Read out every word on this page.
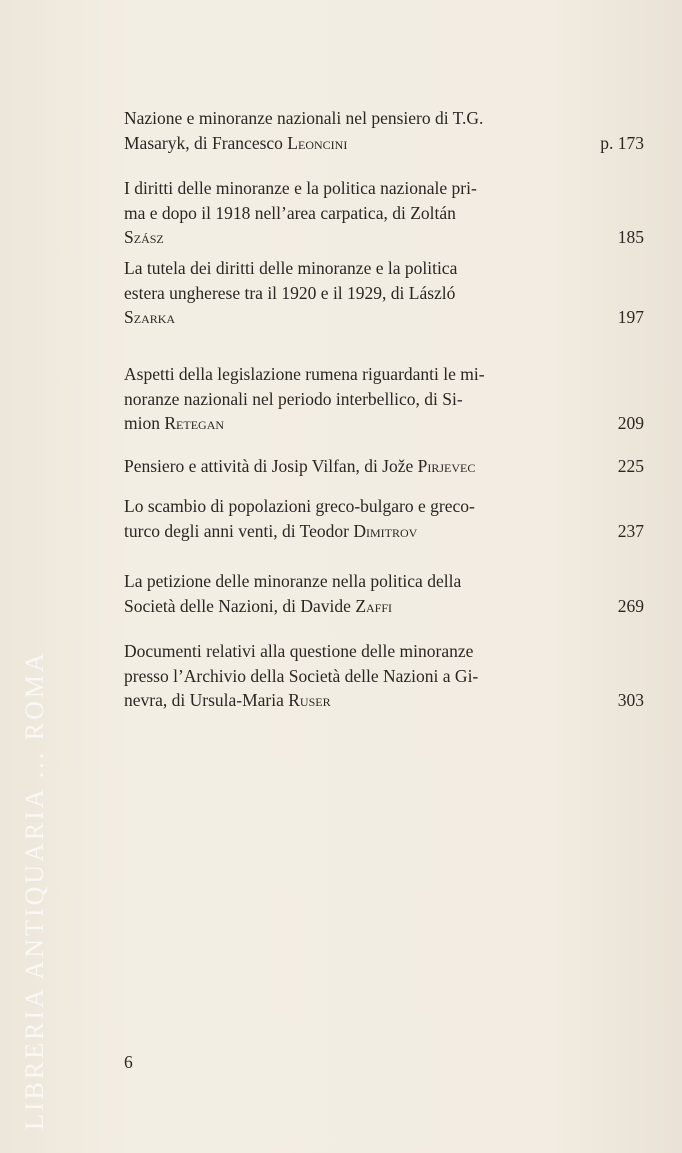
LIBRERIA ANTIQUARIA ... ROMA
Nazione e minoranze nazionali nel pensiero di T.G.
Masaryk, di Francesco Leoncini	p. 173
I diritti delle minoranze e la politica nazionale pri-
ma e dopo il 1918 nell’area carpatica, di Zoltán
Szász	185
La tutela dei diritti delle minoranze e la politica
estera ungherese tra il 1920 e il 1929, di László
Szarka	197
Aspetti della legislazione rumena riguardanti le mi-
noranze nazionali nel periodo interbellico, di Si-
mion Retegan	209
Pensiero e attività di Josip Vilfan, di Jože Pirjevec	225
Lo scambio di popolazioni greco-bulgaro e greco-
turco degli anni venti, di Teodor Dimitrov	237
La petizione delle minoranze nella politica della
Società delle Nazioni, di Davide Zaffi	269
Documenti relativi alla questione delle minoranze
presso l’Archivio della Società delle Nazioni a Gi-
nevra, di Ursula-Maria Ruser	303
6
